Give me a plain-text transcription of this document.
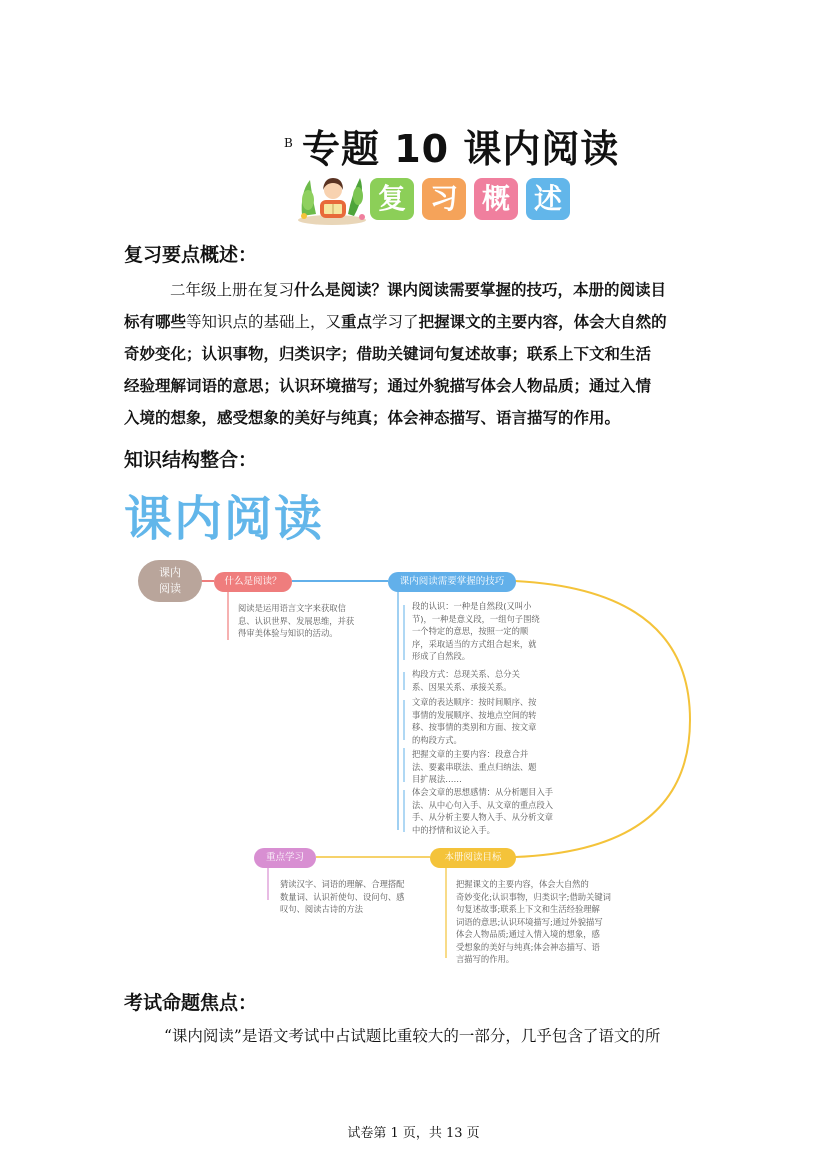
B 专题 10 课内阅读
复 习 概 述
复习要点概述：
二年级上册在复习什么是阅读？课内阅读需要掌握的技巧，本册的阅读目
标有哪些等知识点的基础上，又重点学习了把握课文的主要内容，体会大自然的
奇妙变化；认识事物，归类识字；借助关键词句复述故事；联系上下文和生活
经验理解词语的意思；认识环境描写；通过外貌描写体会人物品质；通过入情
入境的想象，感受想象的美好与纯真；体会神态描写、语言描写的作用。
知识结构整合：
课内阅读
课内
阅读
什么是阅读？	课内阅读需要掌握的技巧
重点学习	本册阅读目标
阅读是运用语言文字来获取信
息、认识世界、发展思维，并获
得审美体验与知识的活动。
段的认识：一种是自然段(又叫小
节)，一种是意义段，一组句子围绕
一个特定的意思，按照一定的顺
序，采取适当的方式组合起来，就
形成了自然段。
构段方式：总现关系、总分关
系、因果关系、承接关系。
文章的表达顺序：按时间顺序、按
事情的发展顺序、按地点空间的转
移、按事情的类别和方面、按文章
的构段方式。
把握文章的主要内容：段意合并
法、要素串联法、重点归纳法、题
目扩展法……
体会文章的思想感情：从分析题目入手
法、从中心句入手、从文章的重点段入
手、从分析主要人物入手、从分析文章
中的抒情和议论入手。
猜读汉字、词语的理解、合理搭配
数量词、认识祈使句、设问句、感
叹句、阅读古诗的方法
把握课文的主要内容，体会大自然的
奇妙变化;认识事物，归类识字;借助关键词
句复述故事;联系上下文和生活经验理解
词语的意思;认识环境描写;通过外貌描写
体会人物品质;通过入情入境的想象，感
受想象的美好与纯真;体会神态描写、语
言描写的作用。
考试命题焦点：
“课内阅读”是语文考试中占试题比重较大的一部分，几乎包含了语文的所
试卷第 1 页，共 13 页
